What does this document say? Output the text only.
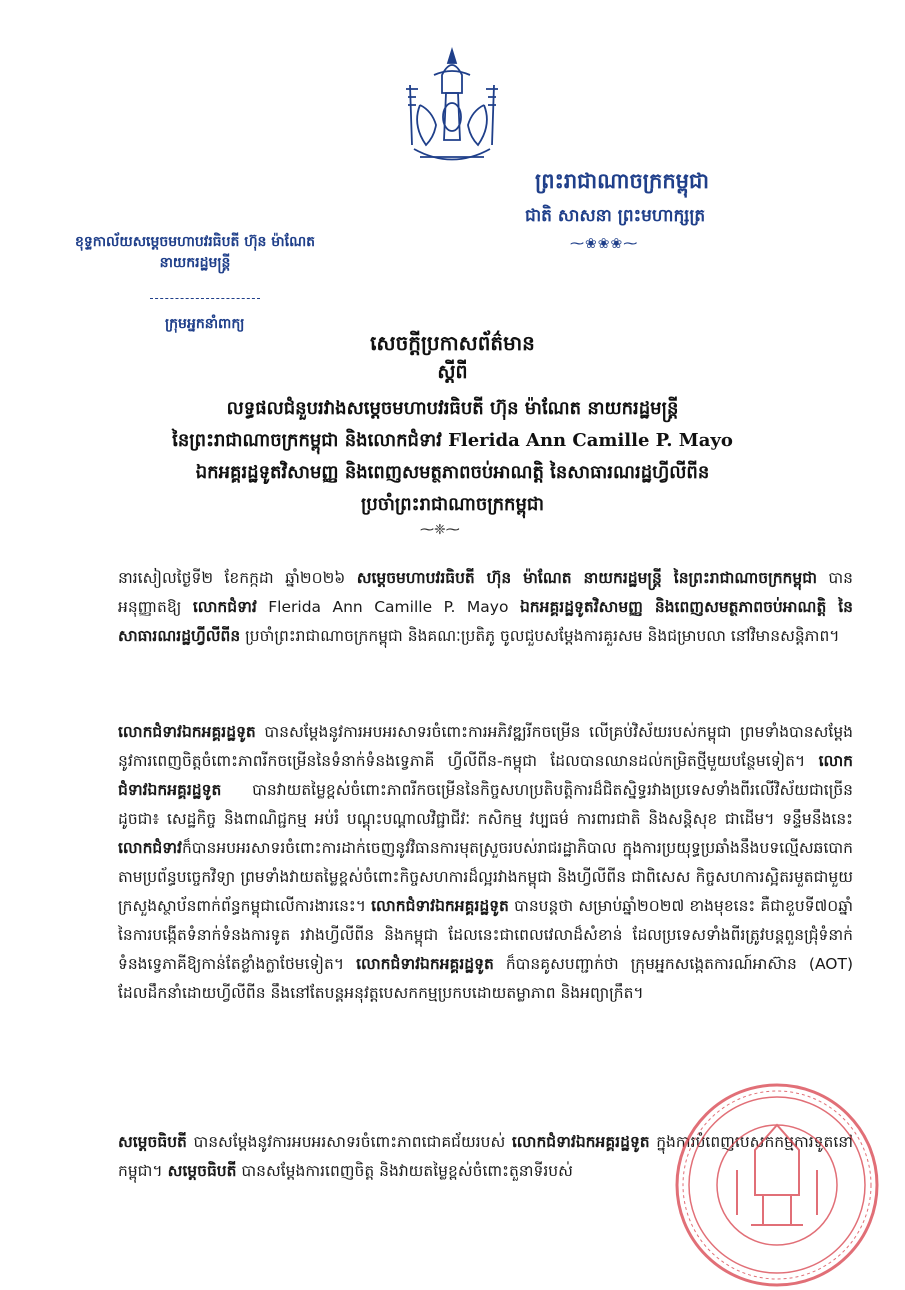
ព្រះរាជាណាចក្រកម្ពុជា
ជាតិ សាសនា ព្រះមហាក្សត្រ
⁓❀❀❀⁓
ខុទ្ទកាល័យសម្ដេចមហាបវរធិបតី ហ៊ុន ម៉ាណែត
នាយករដ្ឋមន្ត្រី
ក្រុមអ្នកនាំពាក្យ
សេចក្ដីប្រកាសព័ត៌មាន
ស្ដីពី
លទ្ធផលជំនួបរវាងសម្ដេចមហាបវរធិបតី ហ៊ុន ម៉ាណែត នាយករដ្ឋមន្ត្រី
នៃព្រះរាជាណាចក្រកម្ពុជា និងលោកជំទាវ Flerida Ann Camille P. Mayo
ឯកអគ្គរដ្ឋទូតវិសាមញ្ញ និងពេញសមត្ថភាពចប់អាណត្តិ នៃសាធារណរដ្ឋហ្វីលីពីន
ប្រចាំព្រះរាជាណាចក្រកម្ពុជា
⁓❈⁓

នារសៀលថ្ងៃទី២ ខែកក្កដា ឆ្នាំ២០២៦ សម្ដេចមហាបវរធិបតី ហ៊ុន ម៉ាណែត នាយករដ្ឋមន្ត្រី នៃព្រះរាជាណាចក្រកម្ពុជា បានអនុញ្ញាតឱ្យ លោកជំទាវ Flerida Ann Camille P. Mayo ឯកអគ្គរដ្ឋទូតវិសាមញ្ញ និងពេញសមត្ថភាពចប់អាណត្តិ នៃសាធារណរដ្ឋហ្វីលីពីន ប្រចាំព្រះរាជាណាចក្រកម្ពុជា និងគណៈប្រតិភូ ចូលជួបសម្ដែងការគួរសម និងជម្រាបលា នៅវិមានសន្តិភាព។

លោកជំទាវឯកអគ្គរដ្ឋទូត បានសម្ដែងនូវការអបអរសាទរចំពោះការអភិវឌ្ឍរីកចម្រើន លើគ្រប់វិស័យរបស់កម្ពុជា ព្រមទាំងបានសម្ដែងនូវការពេញចិត្តចំពោះភាពរីកចម្រើននៃទំនាក់ទំនងទ្វេភាគី ហ្វីលីពីន-កម្ពុជា ដែលបានឈានដល់កម្រិតថ្មីមួយបន្ថែមទៀត។ លោកជំទាវឯកអគ្គរដ្ឋទូត បានវាយតម្លៃខ្ពស់ចំពោះភាពរីកចម្រើននៃកិច្ចសហប្រតិបត្តិការដ៏ជិតស្និទ្ធរវាងប្រទេសទាំងពីរលើវិស័យជាច្រើន ដូចជា៖ សេដ្ឋកិច្ច និងពាណិជ្ជកម្ម អប់រំ បណ្ដុះបណ្ដាលវិជ្ជាជីវៈ កសិកម្ម វប្បធម៌ ការពារជាតិ និងសន្តិសុខ ជាដើម។ ទន្ទឹមនឹងនេះ លោកជំទាវក៏បានអបអរសាទរចំពោះការដាក់ចេញនូវវិធានការមុតស្រួចរបស់រាជរដ្ឋាភិបាល ក្នុងការប្រយុទ្ធប្រឆាំងនឹងបទល្មើសឆបោកតាមប្រព័ន្ធបច្ចេកវិទ្យា ព្រមទាំងវាយតម្លៃខ្ពស់ចំពោះកិច្ចសហការដ៏ល្អរវាងកម្ពុជា និងហ្វីលីពីន ជាពិសេស កិច្ចសហការស្អិតរមួតជាមួយក្រសួងស្ថាប័នពាក់ព័ន្ធកម្ពុជាលើការងារនេះ។ លោកជំទាវឯកអគ្គរដ្ឋទូត បានបន្តថា សម្រាប់ឆ្នាំ២០២៧ ខាងមុខនេះ គឺជាខួបទី៧០ឆ្នាំ នៃការបង្កើតទំនាក់ទំនងការទូត រវាងហ្វីលីពីន និងកម្ពុជា ដែលនេះជាពេលវេលាដ៏សំខាន់ ដែលប្រទេសទាំងពីរត្រូវបន្តពួនជ្រុំទំនាក់ទំនងទ្វេភាគីឱ្យកាន់តែខ្លាំងក្លាថែមទៀត។ លោកជំទាវឯកអគ្គរដ្ឋទូត ក៏បានគូសបញ្ជាក់ថា ក្រុមអ្នកសង្កេតការណ៍អាស៊ាន (AOT) ដែលដឹកនាំដោយហ្វីលីពីន នឹងនៅតែបន្តអនុវត្តបេសកកម្មប្រកបដោយតម្លាភាព និងអព្យាក្រឹត។

សម្ដេចធិបតី បានសម្ដែងនូវការអបអរសាទរចំពោះភាពជោគជ័យរបស់ លោកជំទាវឯកអគ្គរដ្ឋទូត ក្នុងការបំពេញបេសកកម្មការទូតនៅកម្ពុជា។ សម្ដេចធិបតី បានសម្ដែងការពេញចិត្ត និងវាយតម្លៃខ្ពស់ចំពោះតួនាទីរបស់
